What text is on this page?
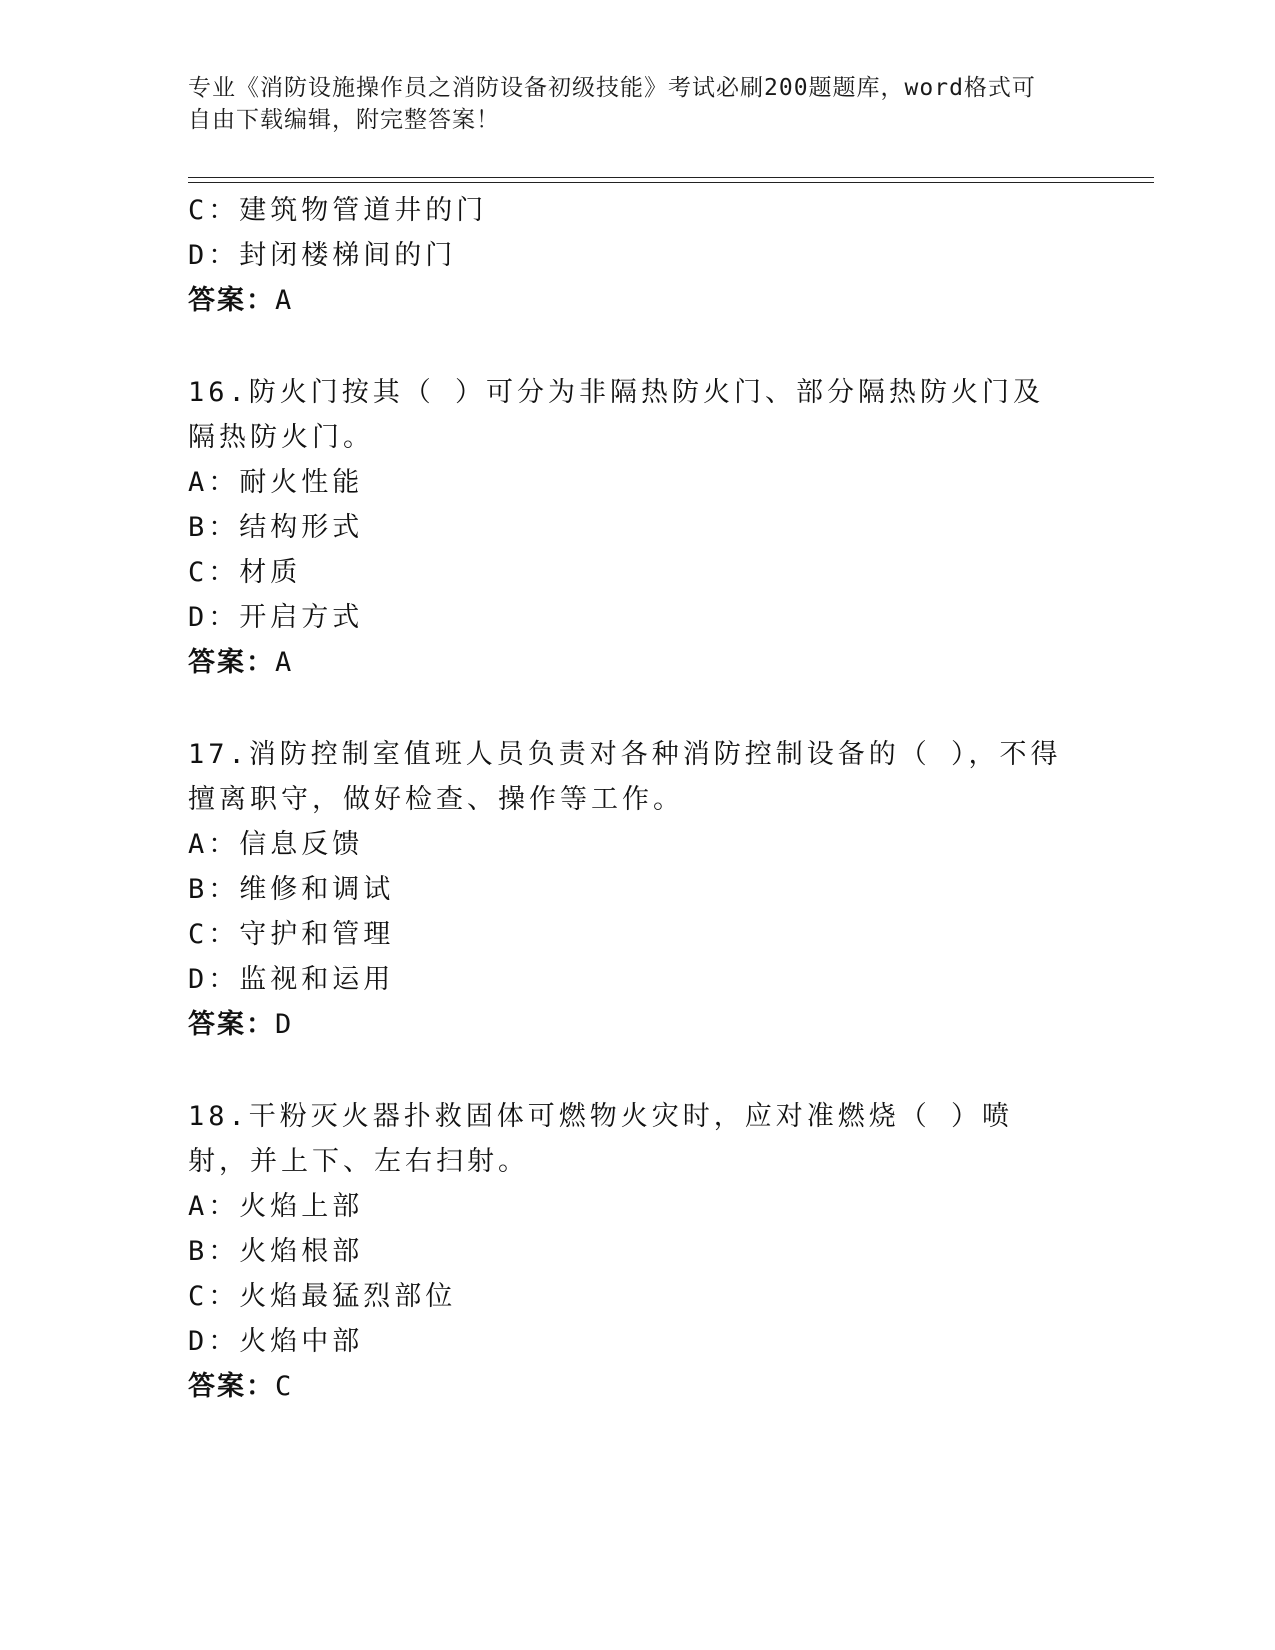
专业《消防设施操作员之消防设备初级技能》考试必刷200题题库，word格式可
自由下载编辑，附完整答案！
C：建筑物管道井的门
D：封闭楼梯间的门
答案：A
16.防火门按其（ ）可分为非隔热防火门、部分隔热防火门及隔热防火门。
A：耐火性能
B：结构形式
C：材质
D：开启方式
答案：A
17.消防控制室值班人员负责对各种消防控制设备的（ ），不得擅离职守，做好检查、操作等工作。
A：信息反馈
B：维修和调试
C：守护和管理
D：监视和运用
答案：D
18.干粉灭火器扑救固体可燃物火灾时，应对准燃烧（ ）喷射，并上下、左右扫射。
A：火焰上部
B：火焰根部
C：火焰最猛烈部位
D：火焰中部
答案：C
